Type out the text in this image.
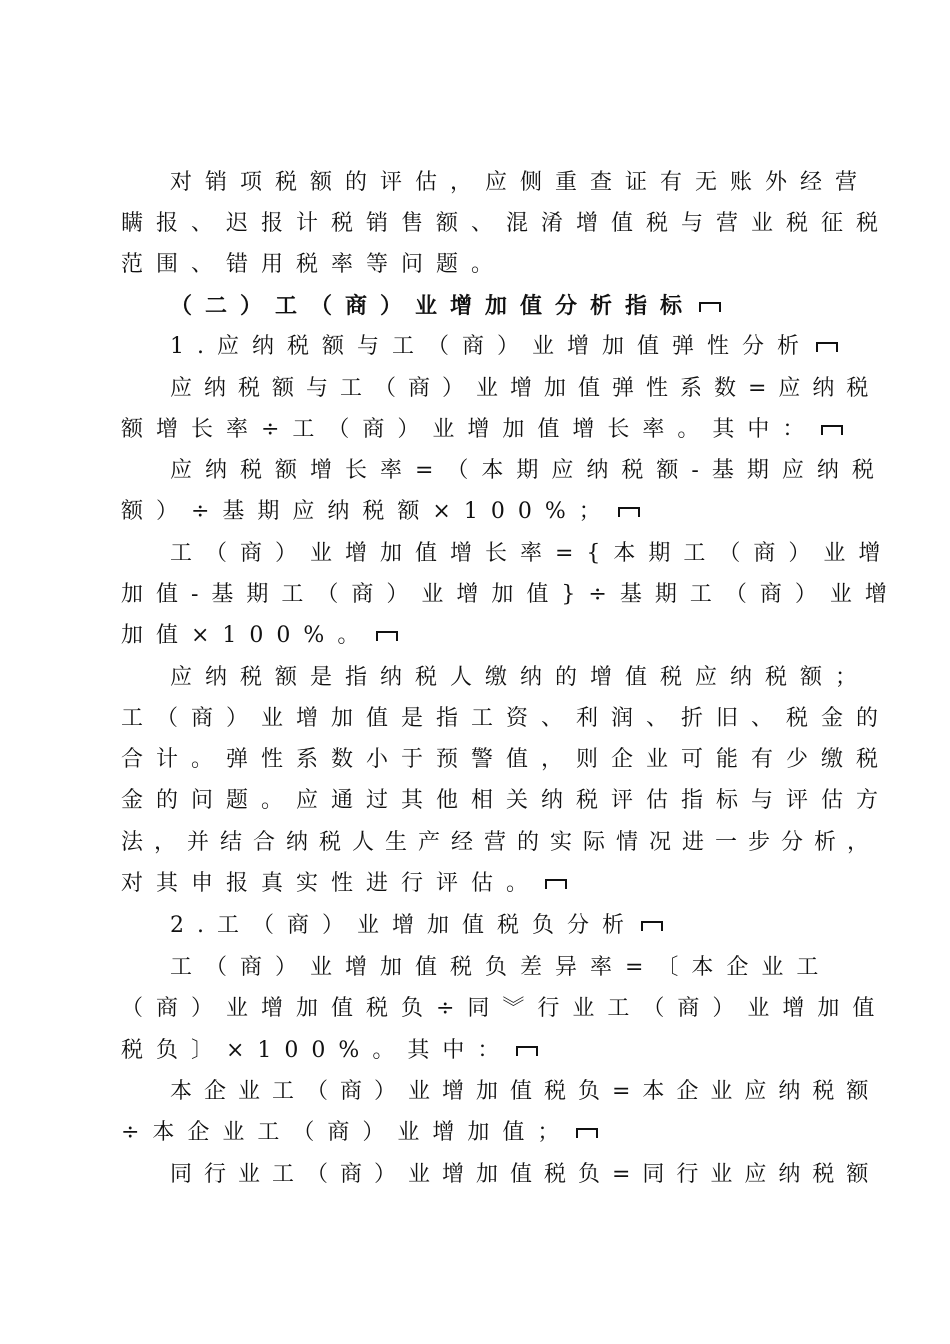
对销项税额的评估，应侧重查证有无账外经营
瞒报、迟报计税销售额、混淆增值税与营业税征税
范围、错用税率等问题。
（二）工（商）业增加值分析指标
1.应纳税额与工（商）业增加值弹性分析
应纳税额与工（商）业增加值弹性系数=应纳税
额增长率÷工（商）业增加值增长率。其中：
应纳税额增长率=（本期应纳税额-基期应纳税
额）÷基期应纳税额×100%；
工（商）业增加值增长率={本期工（商）业增
加值-基期工（商）业增加值}÷基期工（商）业增
加值×100%。
应纳税额是指纳税人缴纳的增值税应纳税额；
工（商）业增加值是指工资、利润、折旧、税金的
合计。弹性系数小于预警值，则企业可能有少缴税
金的问题。应通过其他相关纳税评估指标与评估方
法，并结合纳税人生产经营的实际情况进一步分析，
对其申报真实性进行评估。
2.工（商）业增加值税负分析
工（商）业增加值税负差异率=〔本企业工
（商）业增加值税负÷同︾行业工（商）业增加值
税负〕×100%。其中：
本企业工（商）业增加值税负=本企业应纳税额
÷本企业工（商）业增加值；
同行业工（商）业增加值税负=同行业应纳税额
